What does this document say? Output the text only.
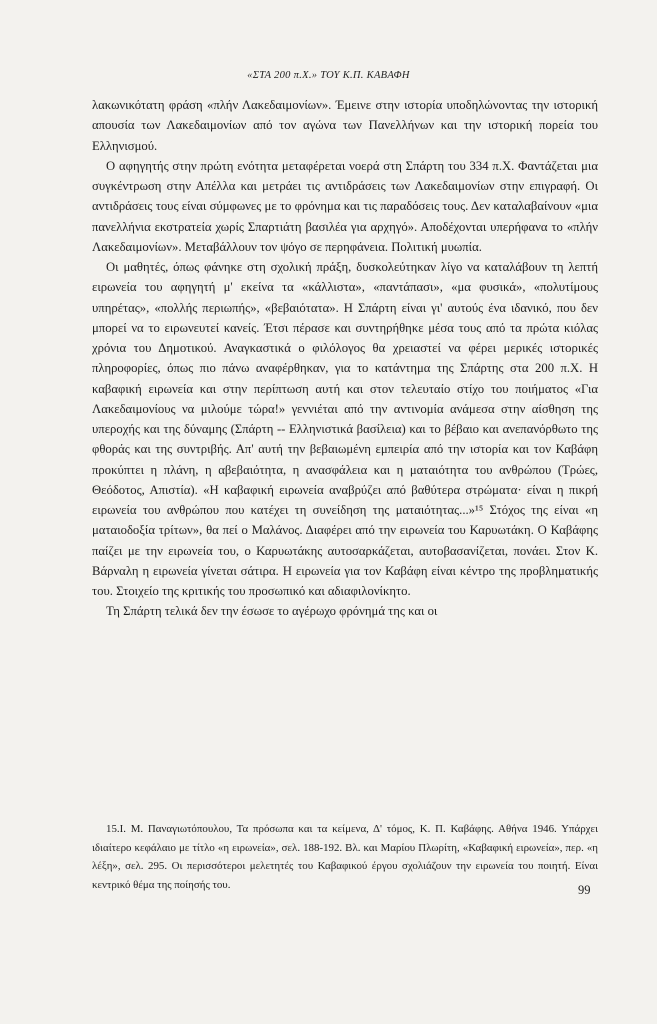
«ΣΤΑ 200 π.Χ.» ΤΟΥ Κ.Π. ΚΑΒΑΦΗ

λακωνικότατη φράση «πλήν Λακεδαιμονίων». Έμεινε στην ιστορία υποδηλώνοντας την ιστορική απουσία των Λακεδαιμονίων από τον αγώνα των Πανελλήνων και την ιστορική πορεία του Ελληνισμού.

Ο αφηγητής στην πρώτη ενότητα μεταφέρεται νοερά στη Σπάρτη του 334 π.Χ. Φαντάζεται μια συγκέντρωση στην Απέλλα και μετράει τις αντιδράσεις των Λακεδαιμονίων στην επιγραφή. Οι αντιδράσεις τους είναι σύμφωνες με το φρόνημα και τις παραδόσεις τους. Δεν καταλαβαίνουν «μια πανελλήνια εκστρατεία χωρίς Σπαρτιάτη βασιλέα για αρχηγό». Αποδέχονται υπερήφανα το «πλήν Λακεδαιμονίων». Μεταβάλλουν τον ψόγο σε περηφάνεια. Πολιτική μυωπία.

Οι μαθητές, όπως φάνηκε στη σχολική πράξη, δυσκολεύτηκαν λίγο να καταλάβουν τη λεπτή ειρωνεία του αφηγητή μ' εκείνα τα «κάλλιστα», «παντάπασι», «μα φυσικά», «πολυτίμους υπηρέτας», «πολλής περιωπής», «βεβαιότατα». Η Σπάρτη είναι γι' αυτούς ένα ιδανικό, που δεν μπορεί να το ειρωνευτεί κανείς. Έτσι πέρασε και συντηρήθηκε μέσα τους από τα πρώτα κιόλας χρόνια του Δημοτικού. Αναγκαστικά ο φιλόλογος θα χρειαστεί να φέρει μερικές ιστορικές πληροφορίες, όπως πιο πάνω αναφέρθηκαν, για το κατάντημα της Σπάρτης στα 200 π.Χ. Η καβαφική ειρωνεία και στην περίπτωση αυτή και στον τελευταίο στίχο του ποιήματος «Για Λακεδαιμονίους να μιλούμε τώρα!» γεννιέται από την αντινομία ανάμεσα στην αίσθηση της υπεροχής και της δύναμης (Σπάρτη -- Ελληνιστικά βασίλεια) και το βέβαιο και ανεπανόρθωτο της φθοράς και της συντριβής. Απ' αυτή την βεβαιωμένη εμπειρία από την ιστορία και τον Καβάφη προκύπτει η πλάνη, η αβεβαιότητα, η ανασφάλεια και η ματαιότητα του ανθρώπου (Τρώες, Θεόδοτος, Απιστία). «Η καβαφική ειρωνεία αναβρύζει από βαθύτερα στρώματα· είναι η πικρή ειρωνεία του ανθρώπου που κατέχει τη συνείδηση της ματαιότητας...»¹⁵ Στόχος της είναι «η ματαιοδοξία τρίτων», θα πεί ο Μαλάνος. Διαφέρει από την ειρωνεία του Καρυωτάκη. Ο Καβάφης παίζει με την ειρωνεία του, ο Καρυωτάκης αυτοσαρκάζεται, αυτοβασανίζεται, πονάει. Στον Κ. Βάρναλη η ειρωνεία γίνεται σάτιρα. Η ειρωνεία για τον Καβάφη είναι κέντρο της προβληματικής του. Στοιχείο της κριτικής του προσωπικό και αδιαφιλονίκητο.

Τη Σπάρτη τελικά δεν την έσωσε το αγέρωχο φρόνημά της και οι

15.Ι. Μ. Παναγιωτόπουλου, Τα πρόσωπα και τα κείμενα, Δ' τόμος, Κ. Π. Καβάφης. Αθήνα 1946. Υπάρχει ιδιαίτερο κεφάλαιο με τίτλο «η ειρωνεία», σελ. 188-192. Βλ. και Μαρίου Πλωρίτη, «Καβαφική ειρωνεία», περ. «η λέξη», σελ. 295. Οι περισσότεροι μελετητές του Καβαφικού έργου σχολιάζουν την ειρωνεία του ποιητή. Είναι κεντρικό θέμα της ποίησής του.	99
